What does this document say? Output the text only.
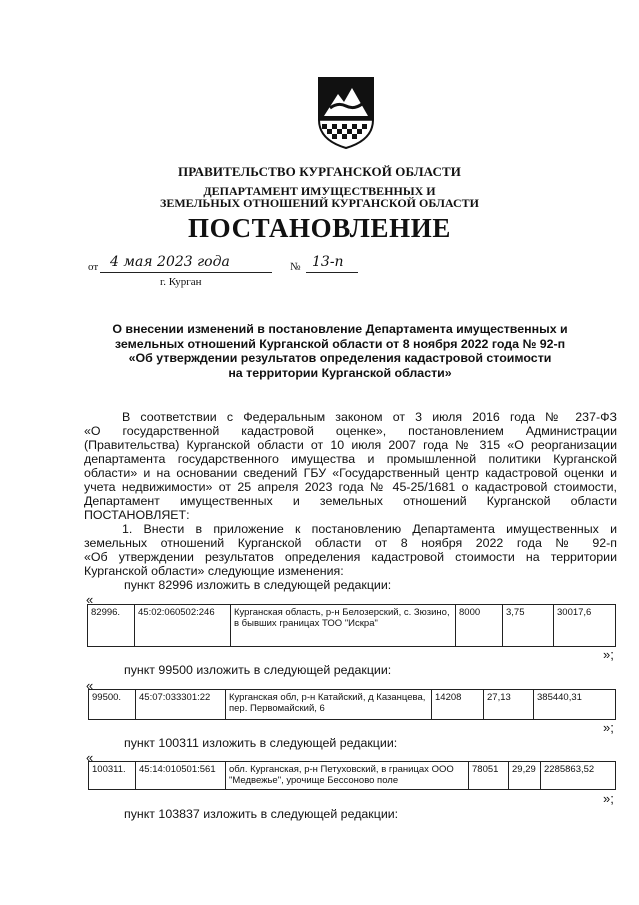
ПРАВИТЕЛЬСТВО КУРГАНСКОЙ ОБЛАСТИ
ДЕПАРТАМЕНТ ИМУЩЕСТВЕННЫХ И
ЗЕМЕЛЬНЫХ ОТНОШЕНИЙ КУРГАНСКОЙ ОБЛАСТИ
ПОСТАНОВЛЕНИЕ
от 4 мая 2023 года	№ 13-п
г. Курган
О внесении изменений в постановление Департамента имущественных и
земельных отношений Курганской области от 8 ноября 2022 года № 92-п
«Об утверждении результатов определения кадастровой стоимости
на территории Курганской области»
В соответствии с Федеральным законом от 3 июля 2016 года № 237-ФЗ
«О государственной кадастровой оценке», постановлением Администрации
(Правительства) Курганской области от 10 июля 2007 года № 315 «О реорганизации
департамента государственного имущества и промышленной политики Курганской
области» и на основании сведений ГБУ «Государственный центр кадастровой оценки и
учета недвижимости» от 25 апреля 2023 года № 45-25/1681 о кадастровой стоимости,
Департамент имущественных и земельных отношений Курганской области
ПОСТАНОВЛЯЕТ:
1. Внести в приложение к постановлению Департамента имущественных и
земельных отношений Курганской области от 8 ноября 2022 года № 92-п
«Об утверждении результатов определения кадастровой стоимости на территории
Курганской области» следующие изменения:
пункт 82996 изложить в следующей редакции:
«
82996.	45:02:060502:246	Курганская область, р-н Белозерский, с. Зюзино, в бывших границах ТОО "Искра"	8000	3,75	30017,6
»;
пункт 99500 изложить в следующей редакции:
«
99500.	45:07:033301:22	Курганская обл, р-н Катайский, д Казанцева, пер. Первомайский, 6	14208	27,13	385440,31
»;
пункт 100311 изложить в следующей редакции:
«
100311.	45:14:010501:561	обл. Курганская, р-н Петуховский, в границах ООО "Медвежье", урочище Бессоново поле	78051	29,29	2285863,52
»;
пункт 103837 изложить в следующей редакции:
